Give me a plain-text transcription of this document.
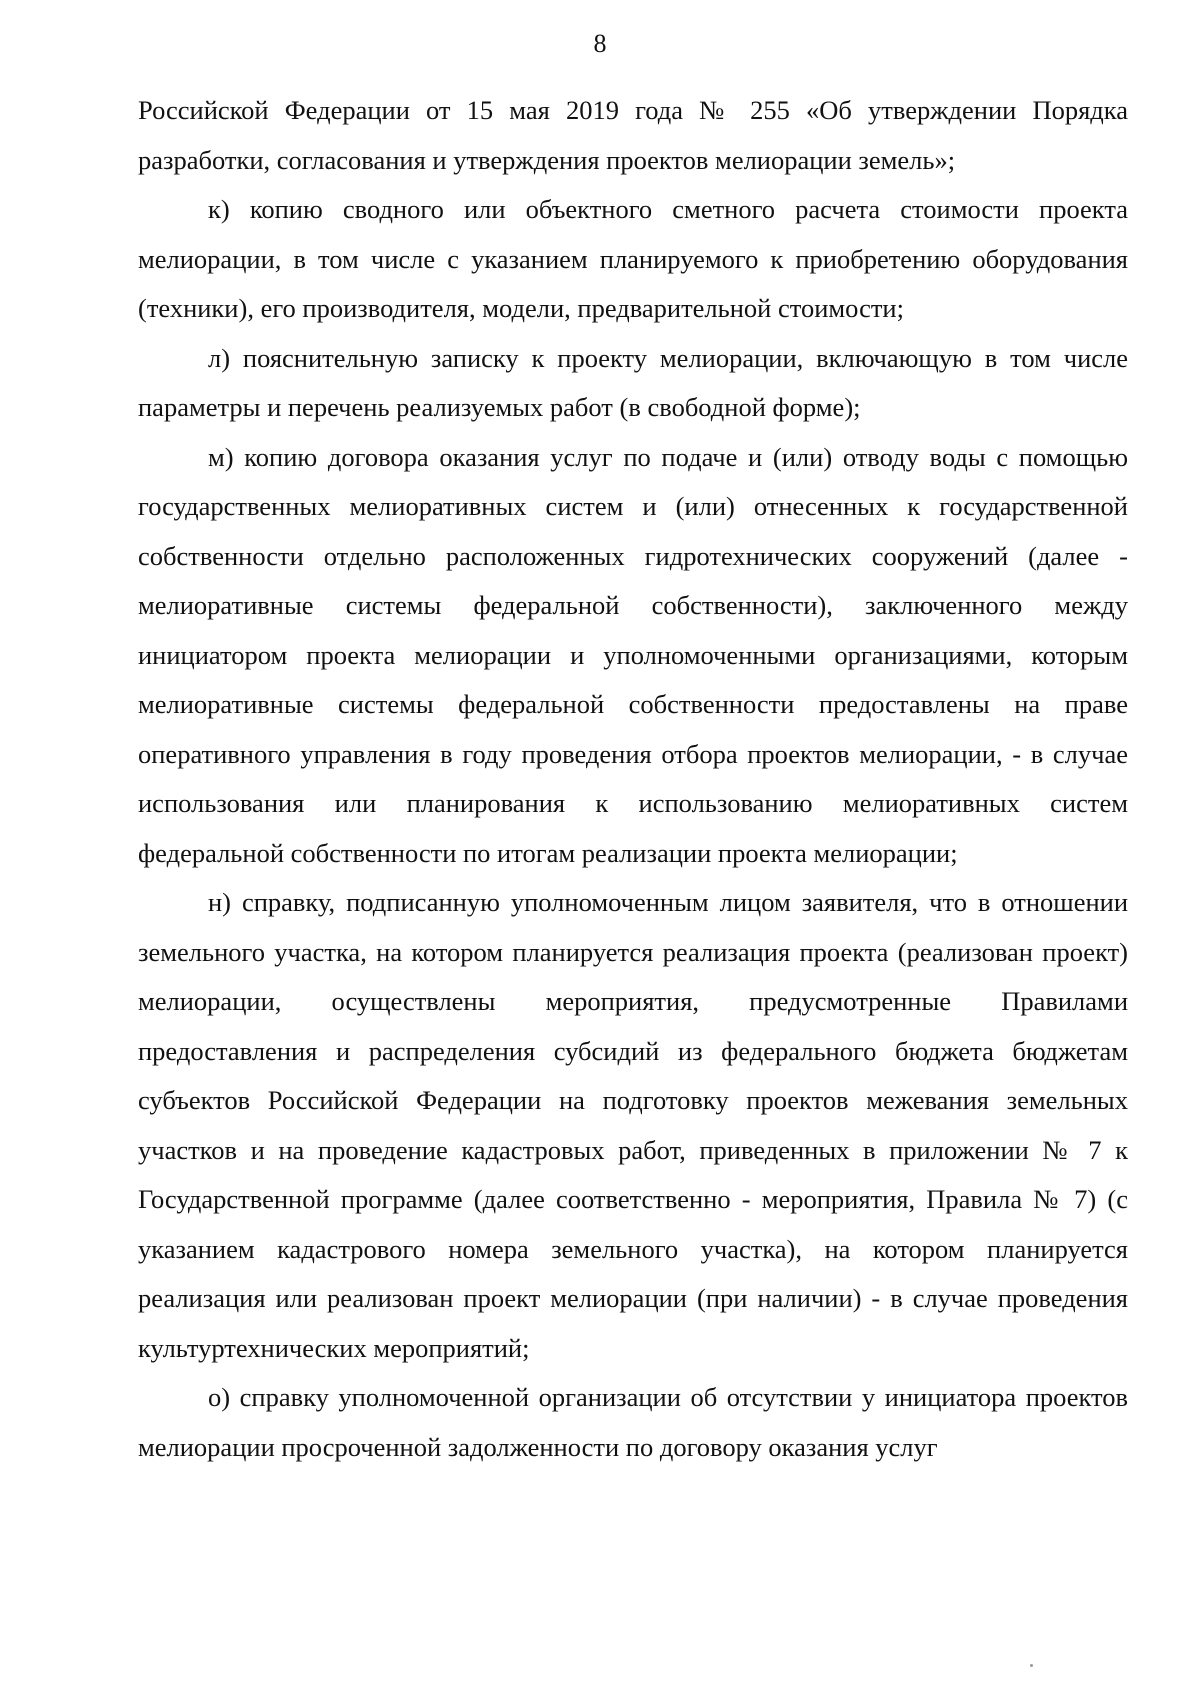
8

Российской Федерации от 15 мая 2019 года № 255 «Об утверждении Порядка разработки, согласования и утверждения проектов мелиорации земель»;

к) копию сводного или объектного сметного расчета стоимости проекта мелиорации, в том числе с указанием планируемого к приобретению оборудования (техники), его производителя, модели, предварительной стоимости;

л) пояснительную записку к проекту мелиорации, включающую в том числе параметры и перечень реализуемых работ (в свободной форме);

м) копию договора оказания услуг по подаче и (или) отводу воды с помощью государственных мелиоративных систем и (или) отнесенных к государственной собственности отдельно расположенных гидротехнических сооружений (далее - мелиоративные системы федеральной собственности), заключенного между инициатором проекта мелиорации и уполномоченными организациями, которым мелиоративные системы федеральной собственности предоставлены на праве оперативного управления в году проведения отбора проектов мелиорации, - в случае использования или планирования к использованию мелиоративных систем федеральной собственности по итогам реализации проекта мелиорации;

н) справку, подписанную уполномоченным лицом заявителя, что в отношении земельного участка, на котором планируется реализация проекта (реализован проект) мелиорации, осуществлены мероприятия, предусмотренные Правилами предоставления и распределения субсидий из федерального бюджета бюджетам субъектов Российской Федерации на подготовку проектов межевания земельных участков и на проведение кадастровых работ, приведенных в приложении № 7 к Государственной программе (далее соответственно - мероприятия, Правила № 7) (с указанием кадастрового номера земельного участка), на котором планируется реализация или реализован проект мелиорации (при наличии) - в случае проведения культуртехнических мероприятий;

о) справку уполномоченной организации об отсутствии у инициатора проектов мелиорации просроченной задолженности по договору оказания услуг
